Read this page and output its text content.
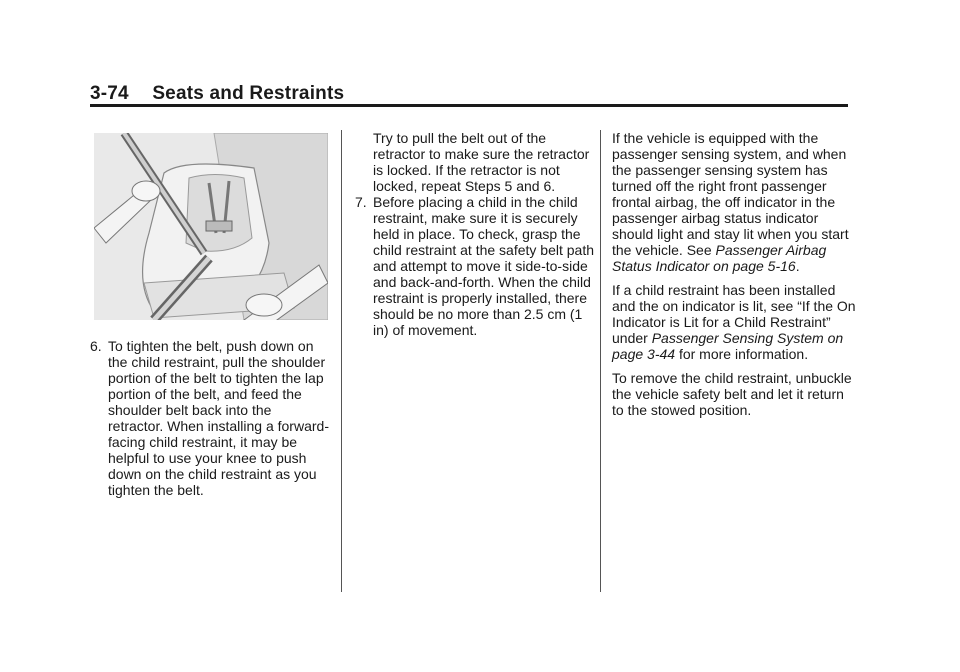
3-74 Seats and Restraints
6. To tighten the belt, push down on the child restraint, pull the shoulder portion of the belt to tighten the lap portion of the belt, and feed the shoulder belt back into the retractor. When installing a forward-facing child restraint, it may be helpful to use your knee to push down on the child restraint as you tighten the belt.

Try to pull the belt out of the retractor to make sure the retractor is locked. If the retractor is not locked, repeat Steps 5 and 6.

7. Before placing a child in the child restraint, make sure it is securely held in place. To check, grasp the child restraint at the safety belt path and attempt to move it side-to-side and back-and-forth. When the child restraint is properly installed, there should be no more than 2.5 cm (1 in) of movement.

If the vehicle is equipped with the passenger sensing system, and when the passenger sensing system has turned off the right front passenger frontal airbag, the off indicator in the passenger airbag status indicator should light and stay lit when you start the vehicle. See Passenger Airbag Status Indicator on page 5-16.

If a child restraint has been installed and the on indicator is lit, see “If the On Indicator is Lit for a Child Restraint” under Passenger Sensing System on page 3-44 for more information.

To remove the child restraint, unbuckle the vehicle safety belt and let it return to the stowed position.
